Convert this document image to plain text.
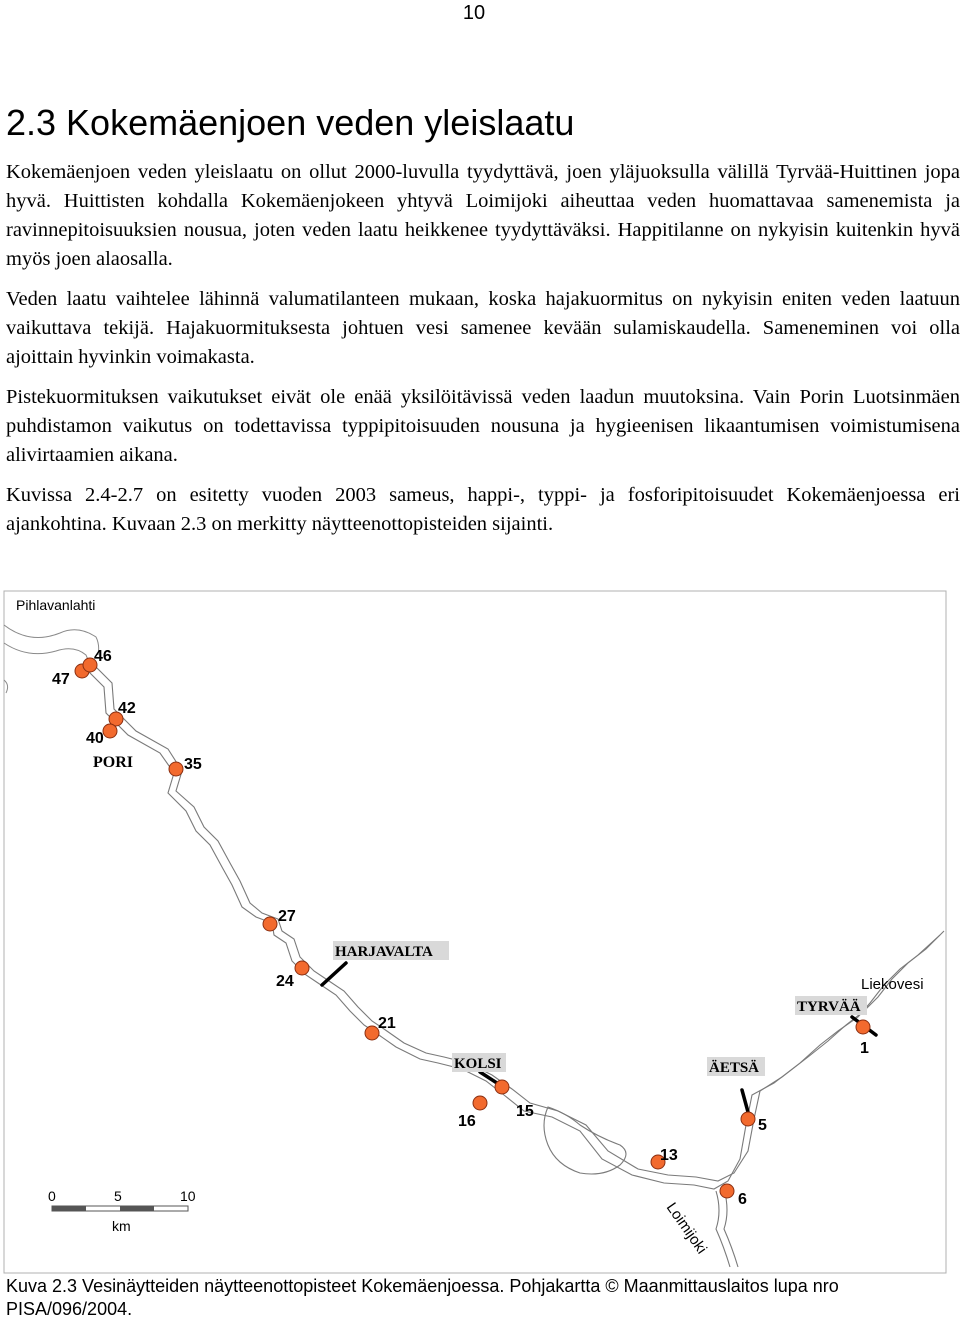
10
2.3 Kokemäenjoen veden yleislaatu

Kokemäenjoen veden yleislaatu on ollut 2000-luvulla tyydyttävä, joen yläjuoksulla välillä Tyrvää-Huittinen jopa hyvä. Huittisten kohdalla Kokemäenjokeen yhtyvä Loimijoki aiheuttaa veden huomattavaa samenemista ja ravinnepitoisuuksien nousua, joten veden laatu heikkenee tyydyttäväksi. Happitilanne on nykyisin kuitenkin hyvä myös joen alaosalla.

Veden laatu vaihtelee lähinnä valumatilanteen mukaan, koska hajakuormitus on nykyisin eniten veden laatuun vaikuttava tekijä. Hajakuormituksesta johtuen vesi samenee kevään sulamiskaudella. Sameneminen voi olla ajoittain hyvinkin voimakasta.

Pistekuormituksen vaikutukset eivät ole enää yksilöitävissä veden laadun muutoksina. Vain Porin Luotsinmäen puhdistamon vaikutus on todettavissa typpipitoisuuden nousuna ja hygieenisen likaantumisen voimistumisena alivirtaamien aikana.

Kuvissa 2.4-2.7 on esitetty vuoden 2003 sameus, happi-, typpi- ja fosforipitoisuudet Kokemäenjoessa eri ajankohtina. Kuvaan 2.3 on merkitty näytteenottopisteiden sijainti.

47
46
42
40
35
27
24
21
16
15
13
6
5
1
Pihlavanlahti
PORI
HARJAVALTA
KOLSI	ÄETSÄ
TYRVÄÄ
Liekovesi
Loimijoki
0	5	10
km
Kuva 2.3 Vesinäytteiden näytteenottopisteet Kokemäenjoessa. Pohjakartta © Maanmittauslaitos lupa nro PISA/096/2004.
